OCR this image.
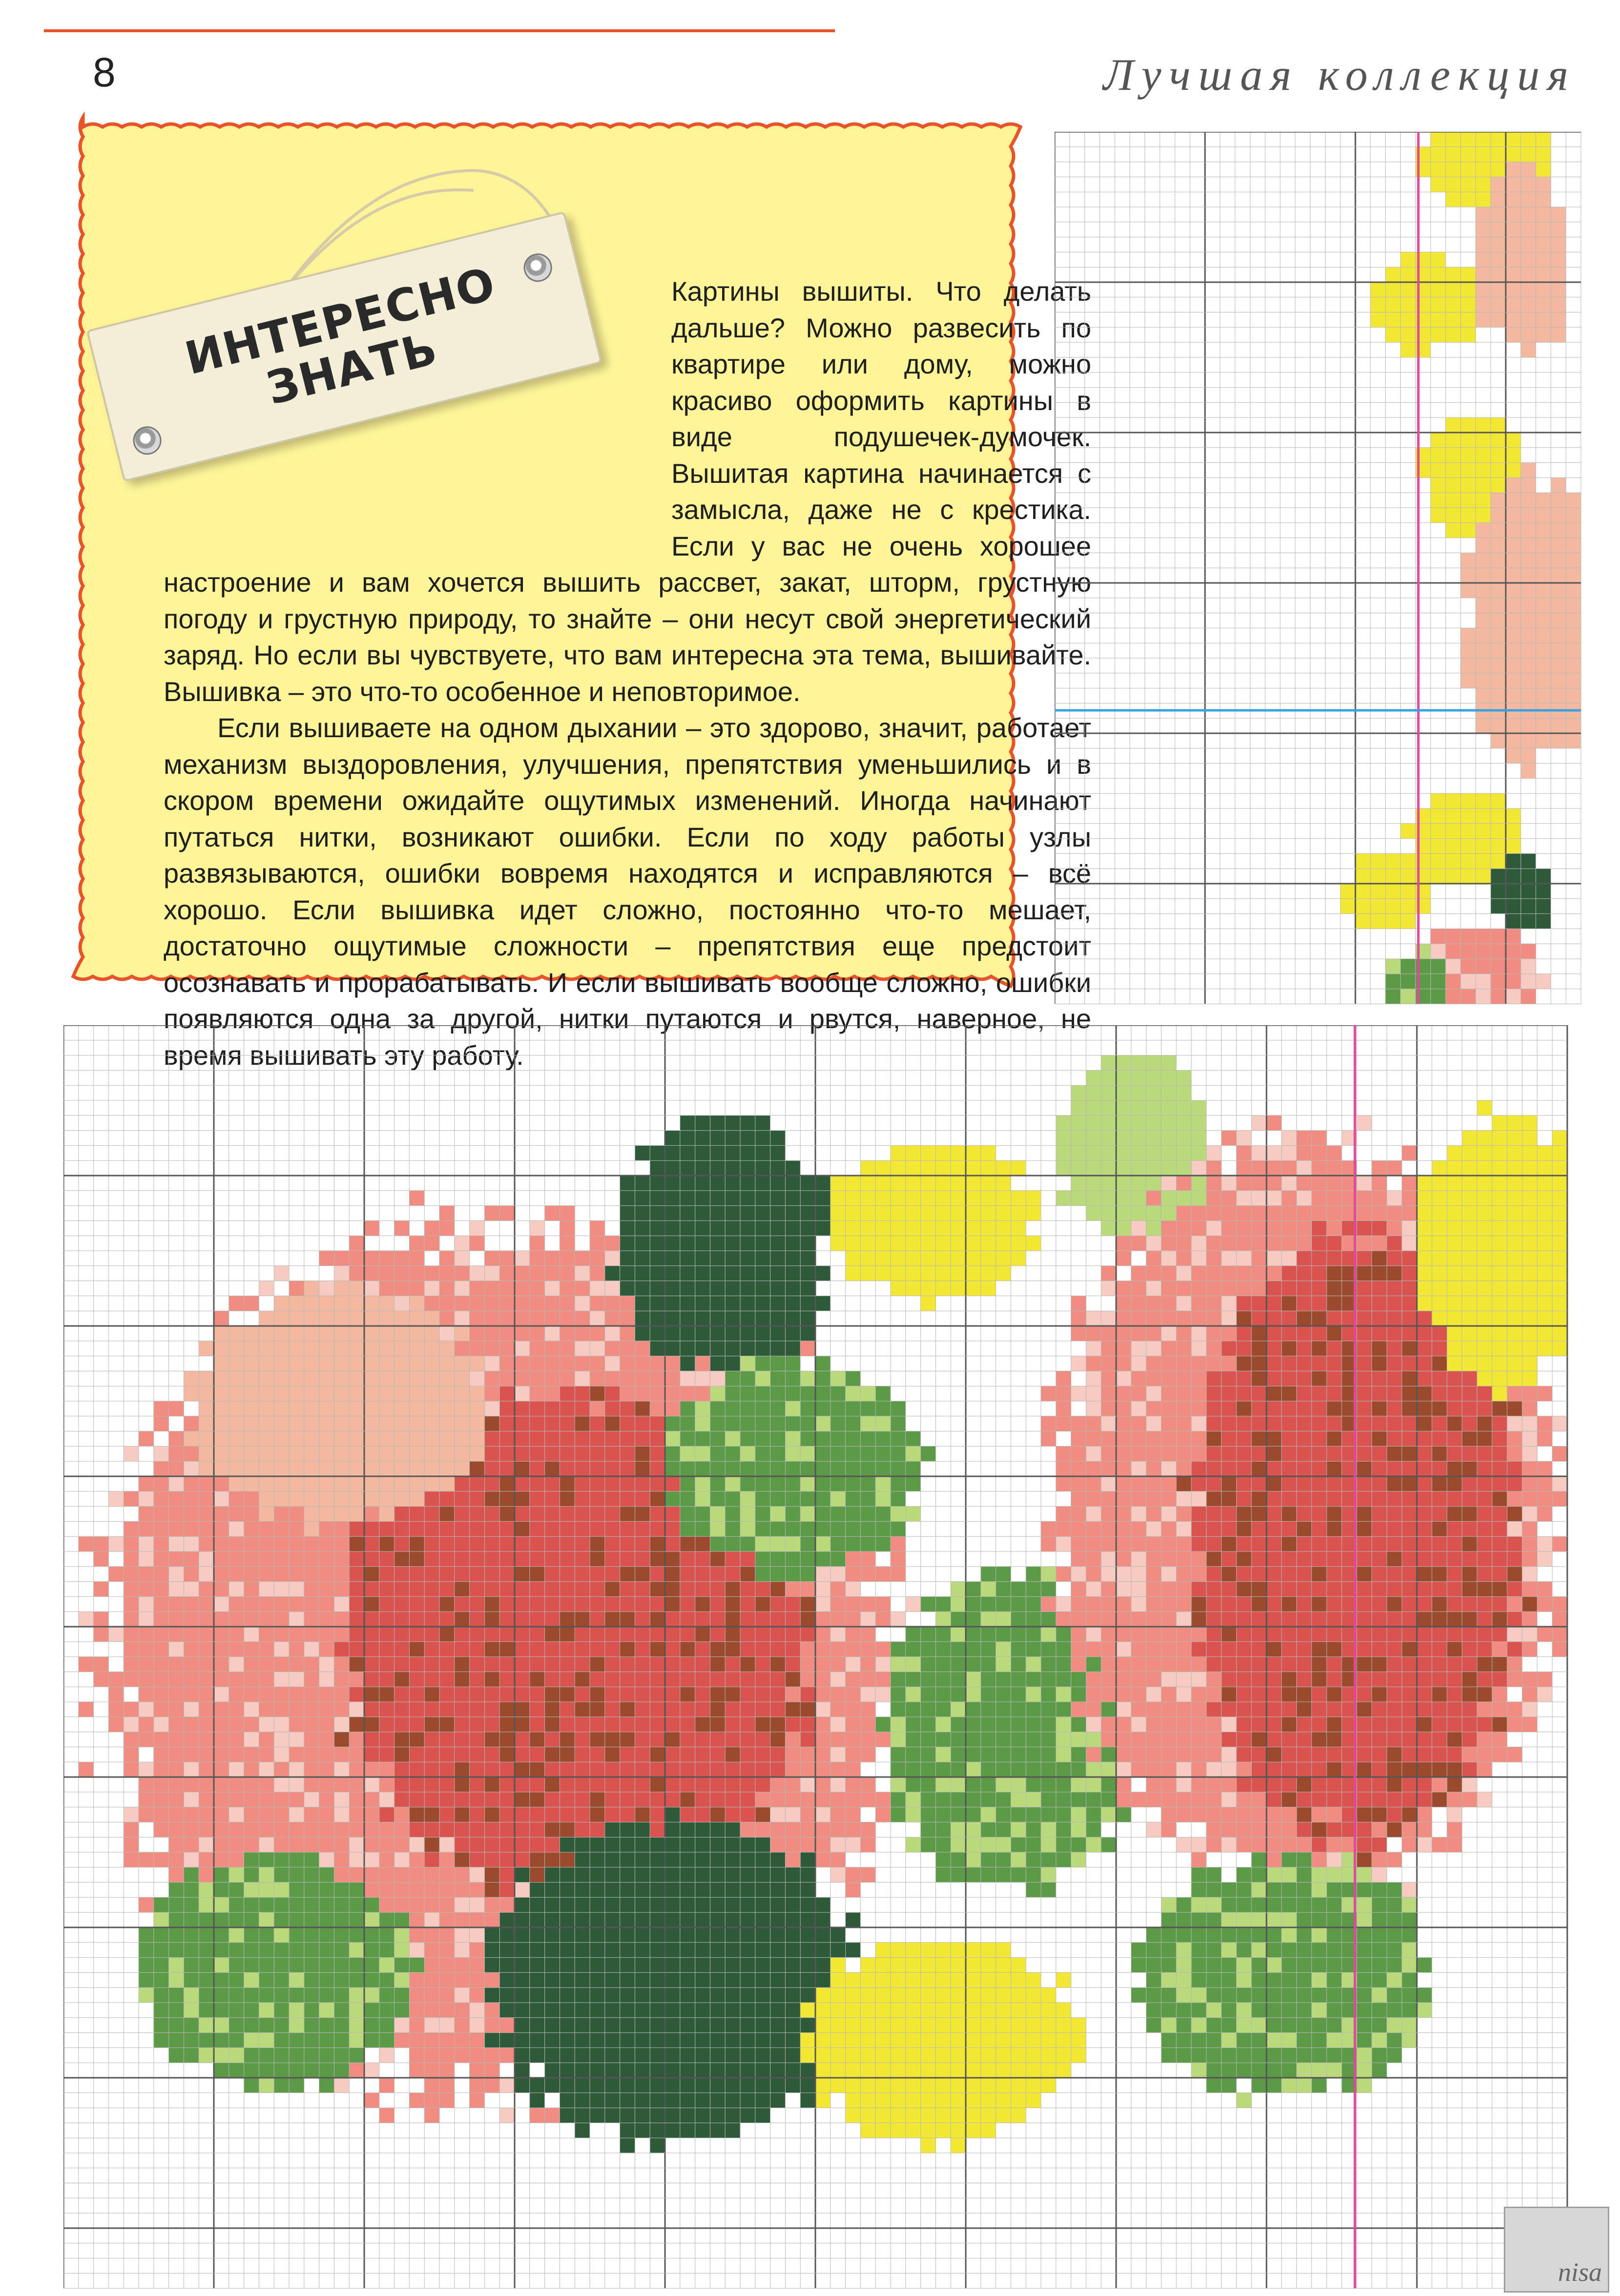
8	Лучшая коллекция
ИНТЕРЕСНО ЗНАТЬ

Картины вышиты. Что делать дальше? Можно развесить по квартире или дому, можно красиво оформить картины в виде подушечек-думочек. Вышитая картина начинается с замысла, даже не с крестика. Если у вас не очень хорошее настроение и вам хочется вышить рассвет, закат, шторм, грустную погоду и грустную природу, то знайте – они несут свой энергетический заряд. Но если вы чувствуете, что вам интересна эта тема, вышивайте. Вышивка – это что-то особенное и неповторимое.

Если вышиваете на одном дыхании – это здорово, значит, работает механизм выздоровления, улучшения, препятствия уменьшились и в скором времени ожидайте ощутимых изменений. Иногда начинают путаться нитки, возникают ошибки. Если по ходу работы узлы развязываются, ошибки вовремя находятся и исправляются – всё хорошо. Если вышивка идет сложно, постоянно что-то мешает, достаточно ощутимые сложности – препятствия еще предстоит осознавать и прорабатывать. И если вышивать вообще сложно, ошибки появляются одна за другой, нитки путаются и рвутся, наверное, не время вышивать эту работу.

nisa
